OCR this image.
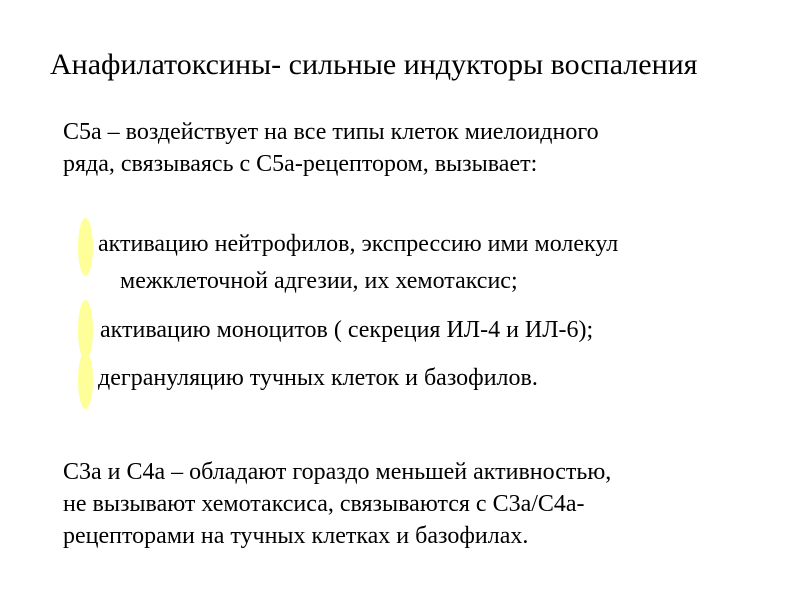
Анафилатоксины- сильные индукторы воспаления
С5а – воздействует на все типы клеток миелоидного
ряда, связываясь с С5а-рецептором, вызывает:
активацию нейтрофилов, экспрессию ими молекул
межклеточной адгезии, их хемотаксис;
активацию моноцитов ( секреция ИЛ-4 и ИЛ-6);
дегрануляцию тучных клеток и базофилов.
С3а и С4а – обладают гораздо меньшей активностью,
не вызывают хемотаксиса, связываются с С3а/С4а-
рецепторами на тучных клетках и базофилах.
